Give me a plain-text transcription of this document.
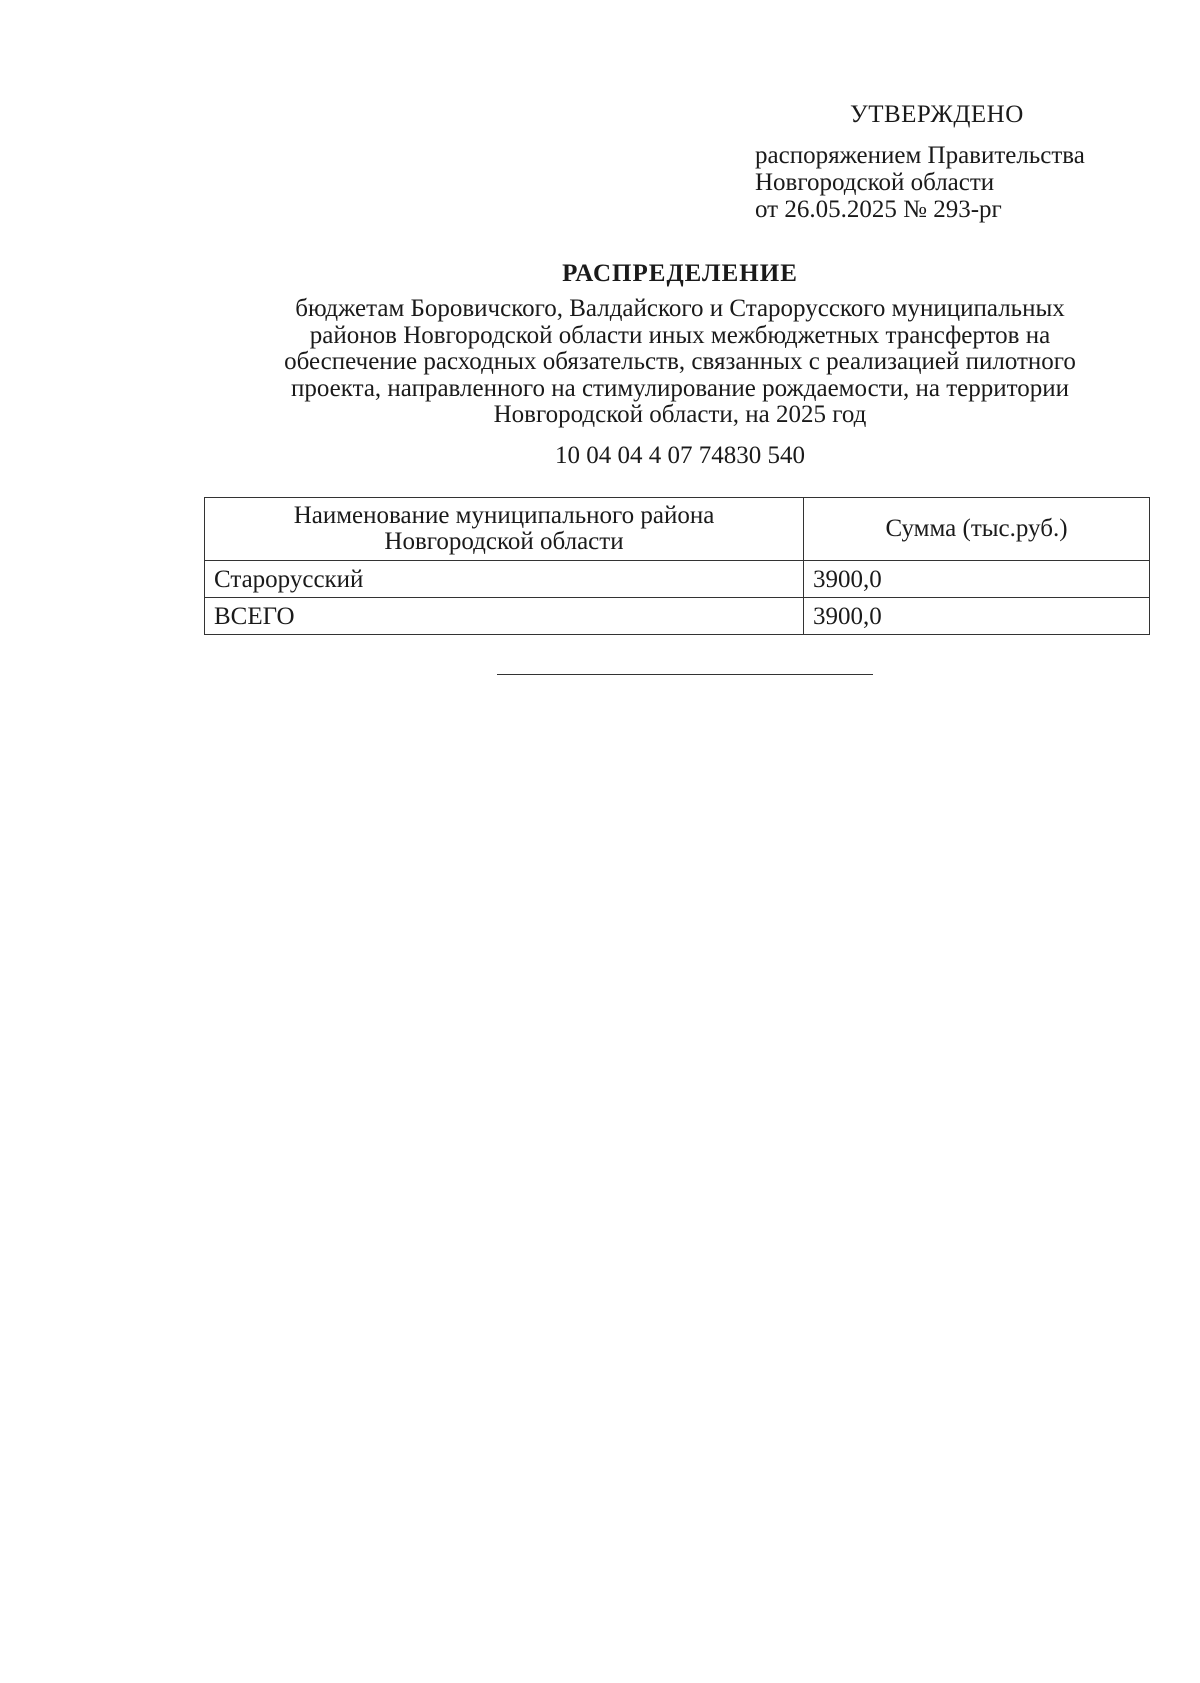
УТВЕРЖДЕНО
распоряжением Правительства
Новгородской области
от 26.05.2025 № 293-рг
РАСПРЕДЕЛЕНИЕ
бюджетам Боровичского, Валдайского и Старорусского муниципальных
районов Новгородской области иных межбюджетных трансфертов на
обеспечение расходных обязательств, связанных с реализацией пилотного
проекта, направленного на стимулирование рождаемости, на территории
Новгородской области, на 2025 год
10 04 04 4 07 74830 540
Наименование муниципального района
Новгородской области	Сумма (тыс.руб.)
Старорусский	3900,0
ВСЕГО	3900,0
